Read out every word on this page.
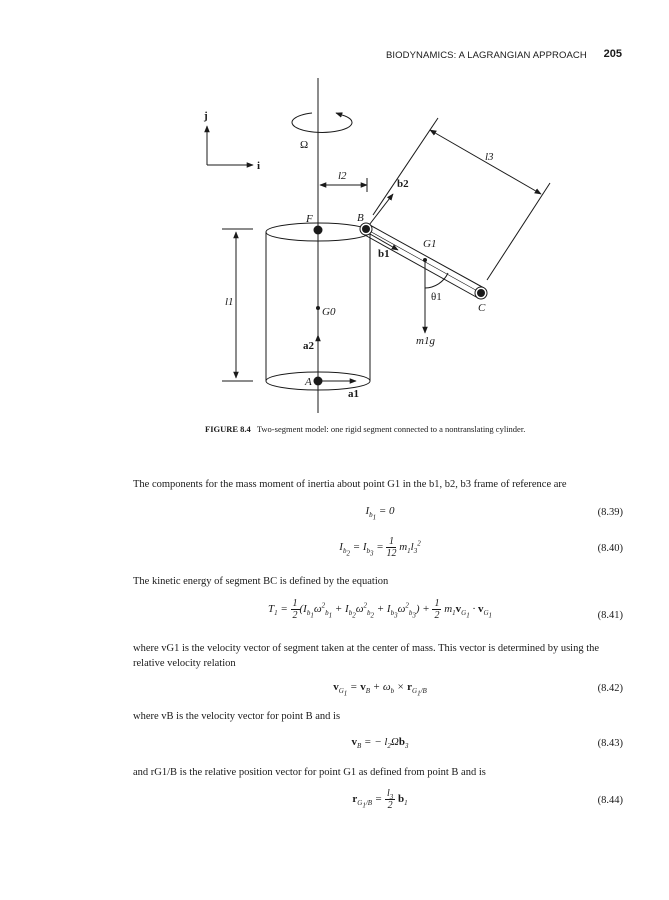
BIODYNAMICS: A LAGRANGIAN APPROACH 205
j
i
Ω
l2
l3
l1
F	B
C
A
G0
G1
a1
a2
b1
b2
θ1
m1g
FIGURE 8.4 Two-segment model: one rigid segment connected to a nontranslating cylinder.
The components for the mass moment of inertia about point G1 in the b1, b2, b3 frame of reference are
$I_{b_1} = 0$	(8.39)
$I_{b_2} = I_{b_3} = \frac{1}{12} m_1l_3^2$	(8.40)
The kinetic energy of segment BC is defined by the equation
$T_1 = \frac{1}{2} (I_{b_1}\omega^2_{b_1} + I_{b_2}\omega^2_{b_2} + I_{b_3}\omega^2_{b_3}) + \frac{1}{2} m_1v_{G_1} \cdot v_{G_1}$	(8.41)
where vG1 is the velocity vector of segment taken at the center of mass. This vector is determined by using the relative velocity relation
$v_{G_1} = v_B + \omega_b \times r_{G_1/B}$	(8.42)
where vB is the velocity vector for point B and is
$v_B$ = − $l_2\Omega b_3$	(8.43)
and rG1/B is the relative position vector for point G1 as defined from point B and is
$r_{G_1/B} = \frac{l_3}{2} b_1$	(8.44)
